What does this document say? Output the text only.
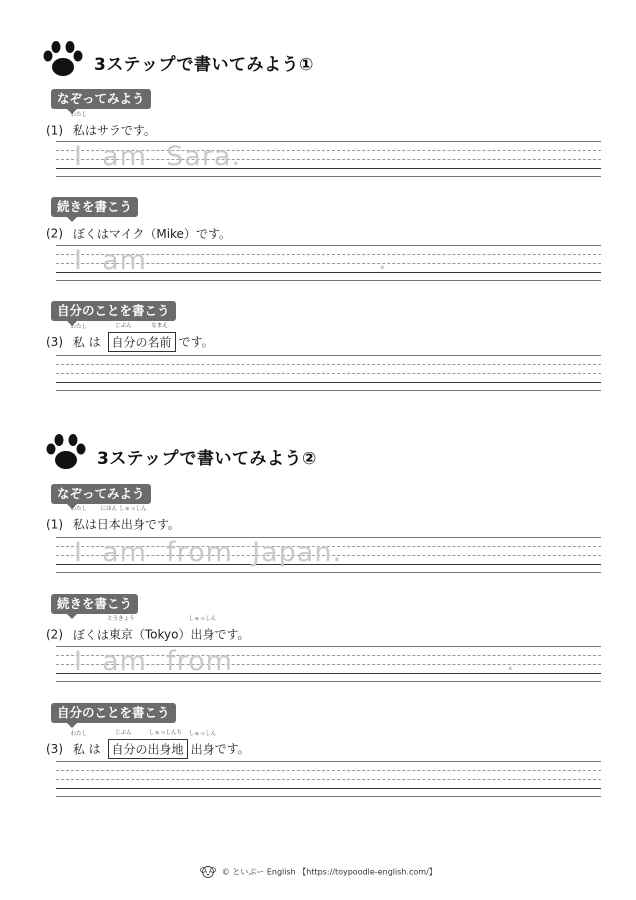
3ステップで書いてみよう①
なぞってみよう
(1)
わたし
私はサラです。
I  am  Sara.
続きを書こう
(2) ぼくはマイク（Mike）です。
I  am	.
自分のことを書こう
(3)
わたし
私 は
じぶん
自分の
なまえ
名前 です。
3ステップで書いてみよう②
なぞってみよう
(1)
わたし
私は
にほん
日本
しゅっしん
出身です。
I  am  from  Japan.
続きを書こう
(2) ぼくは
とうきょう
東京（Tokyo）
しゅっしん
出身です。
I  am  from	.
自分のことを書こう
(3)
わたし
私 は
じぶん
自分の
しゅっしんち
出身地
しゅっしん
出身です。
© といぷー English 【https://toypoodle-english.com/】
